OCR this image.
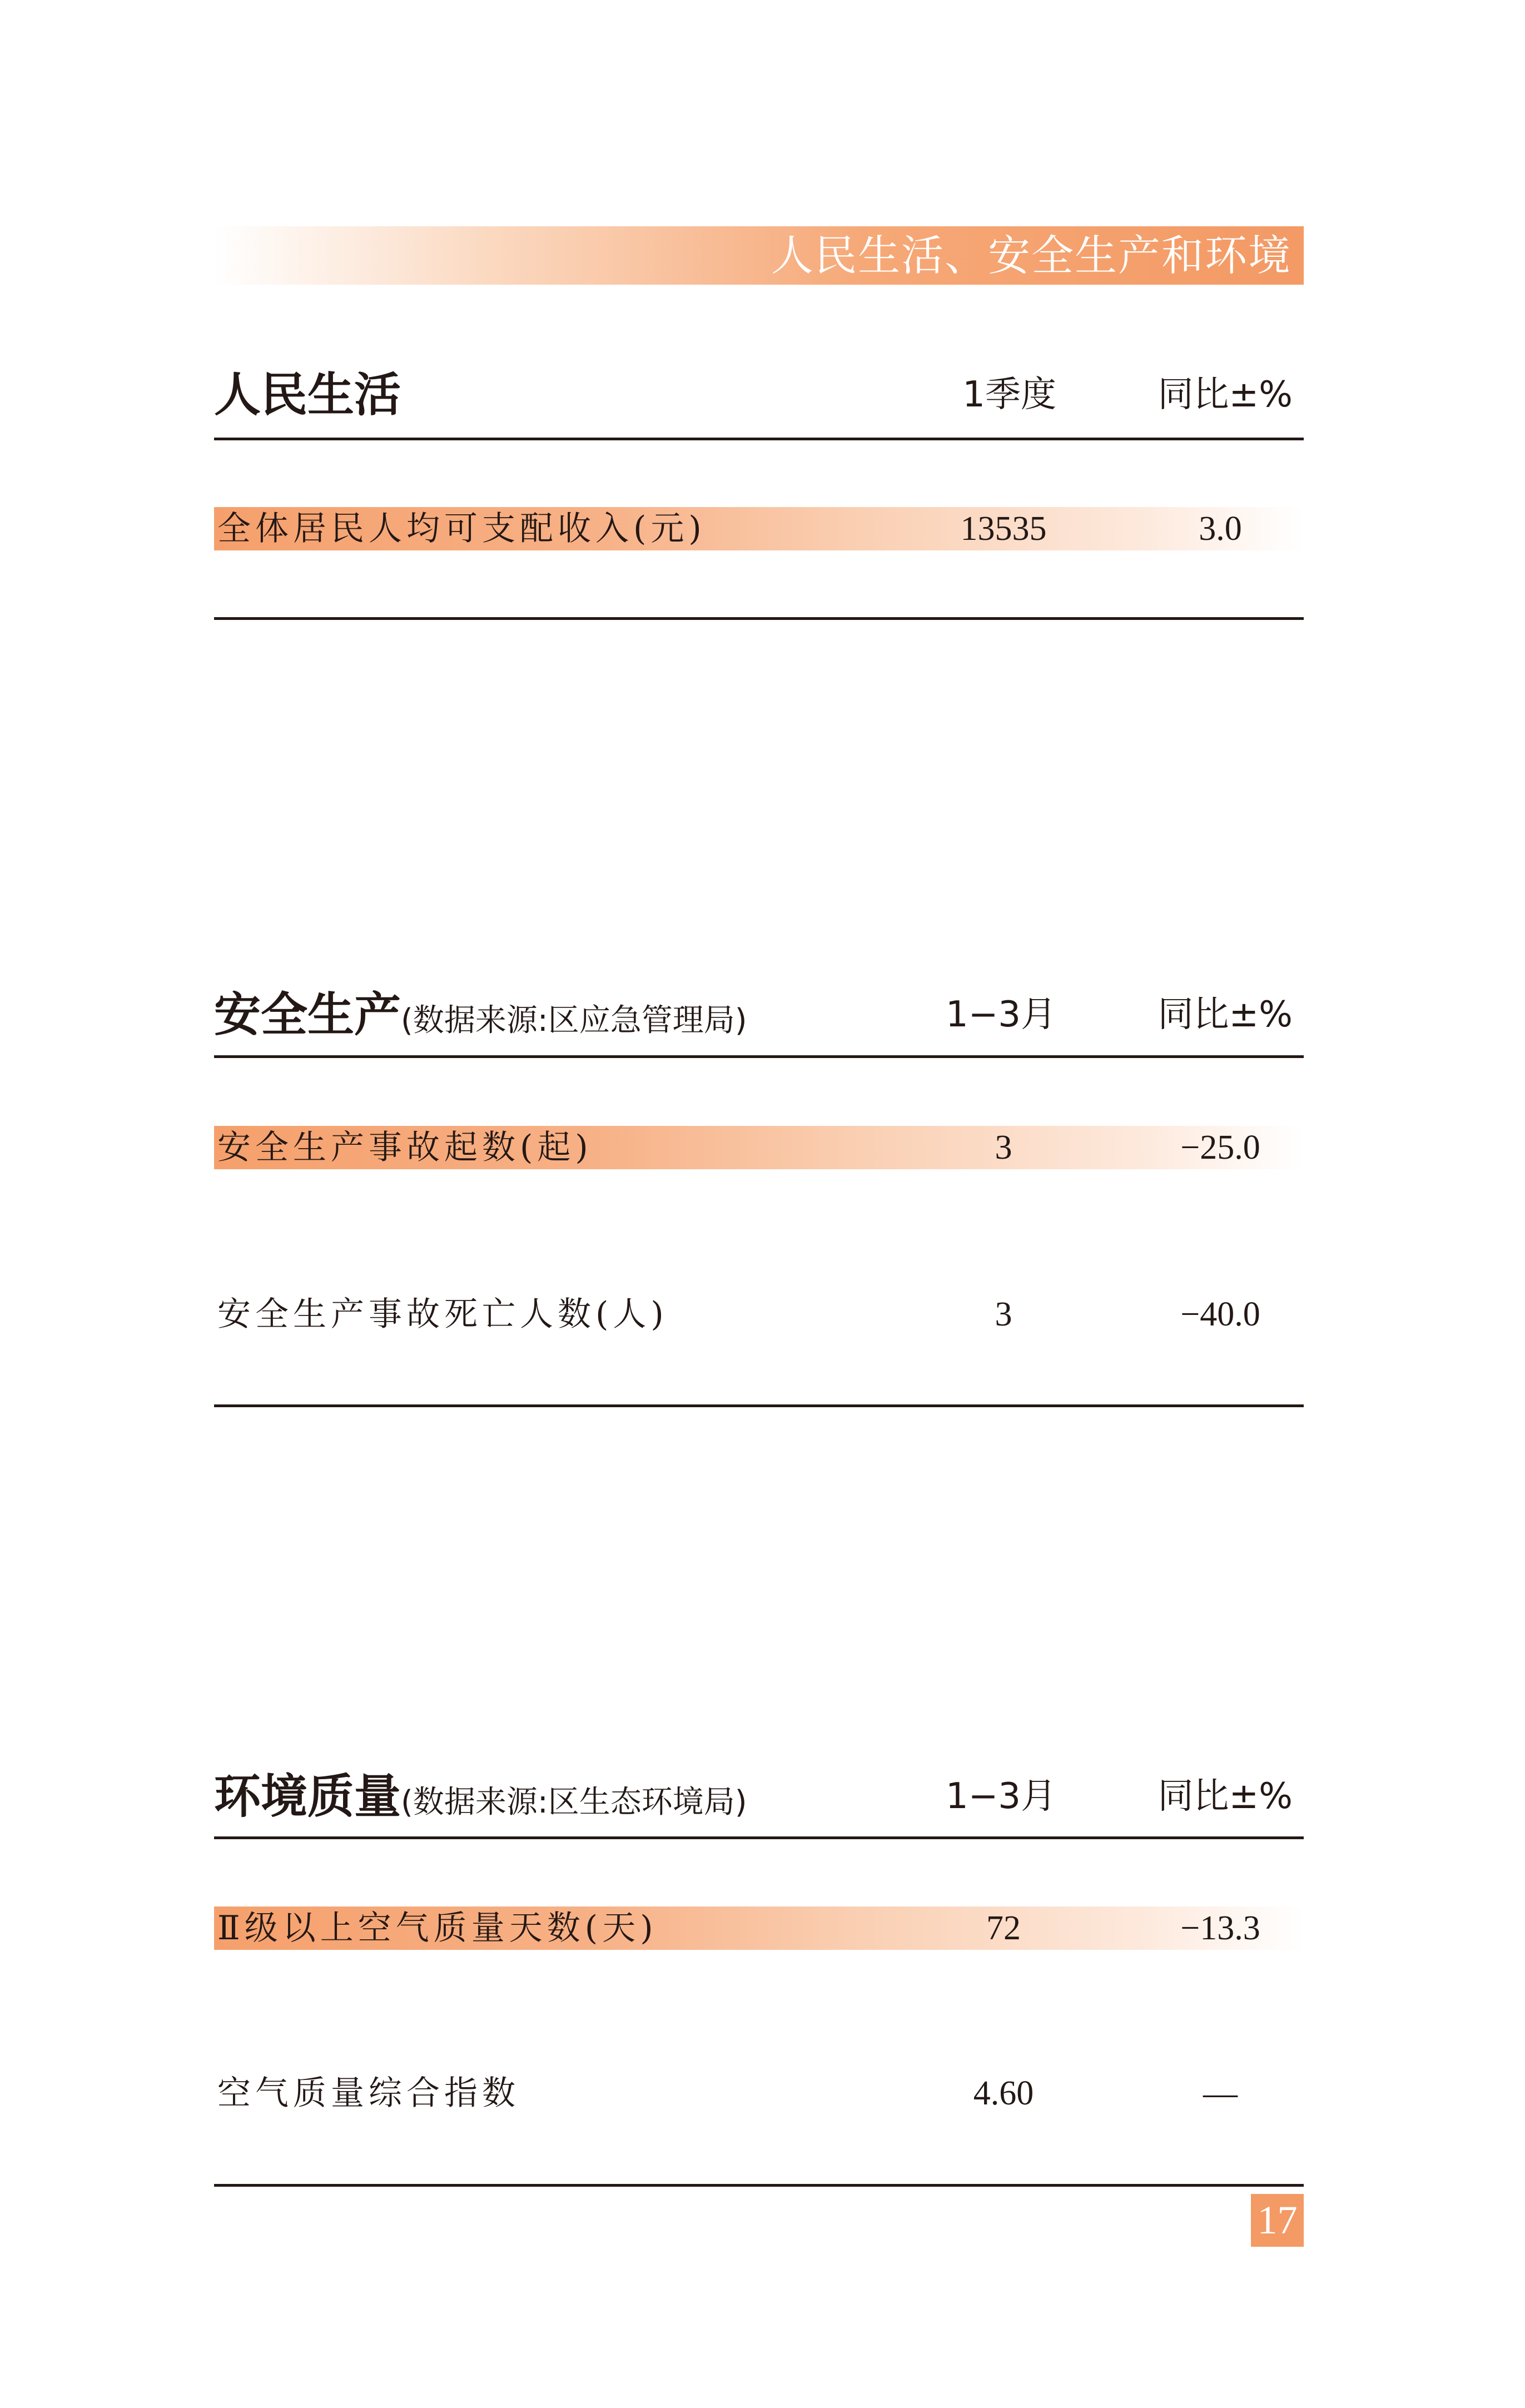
人民生活、安全生产和环境
人民生活	1季度	同比±%
全体居民人均可支配收入(元)	13535	3.0
安全生产(数据来源:区应急管理局)	1−3月	同比±%
安全生产事故起数(起)	3	−25.0
安全生产事故死亡人数(人)	3	−40.0
环境质量(数据来源:区生态环境局)	1−3月	同比±%
Ⅱ级以上空气质量天数(天)	72	−13.3
空气质量综合指数	4.60	—
17
